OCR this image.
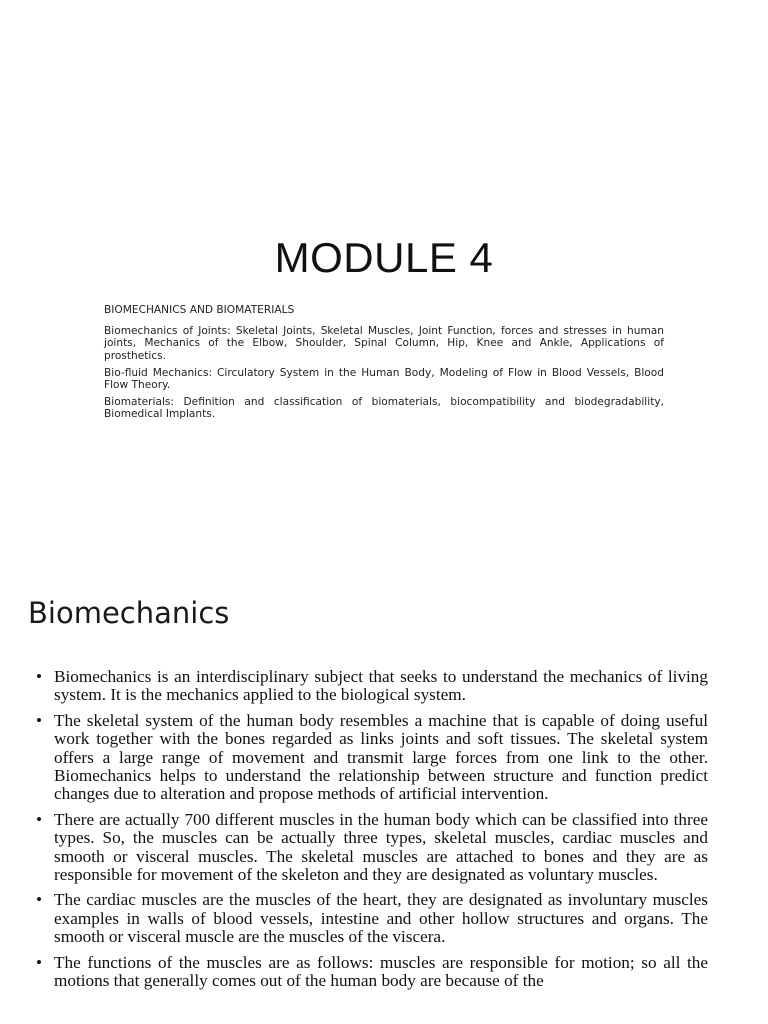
MODULE 4

BIOMECHANICS AND BIOMATERIALS

Biomechanics of Joints: Skeletal Joints, Skeletal Muscles, Joint Function, forces and stresses in human joints, Mechanics of the Elbow, Shoulder, Spinal Column, Hip, Knee and Ankle, Applications of prosthetics.

Bio-fluid Mechanics: Circulatory System in the Human Body, Modeling of Flow in Blood Vessels, Blood Flow Theory.

Biomaterials: Definition and classification of biomaterials, biocompatibility and biodegradability, Biomedical Implants.

Biomechanics
• Biomechanics is an interdisciplinary subject that seeks to understand the mechanics of living system. It is the mechanics applied to the biological system.
• The skeletal system of the human body resembles a machine that is capable of doing useful work together with the bones regarded as links joints and soft tissues. The skeletal system offers a large range of movement and transmit large forces from one link to the other. Biomechanics helps to understand the relationship between structure and function predict changes due to alteration and propose methods of artificial intervention.
• There are actually 700 different muscles in the human body which can be classified into three types. So, the muscles can be actually three types, skeletal muscles, cardiac muscles and smooth or visceral muscles. The skeletal muscles are attached to bones and they are as responsible for movement of the skeleton and they are designated as voluntary muscles.
• The cardiac muscles are the muscles of the heart, they are designated as involuntary muscles examples in walls of blood vessels, intestine and other hollow structures and organs. The smooth or visceral muscle are the muscles of the viscera.
• The functions of the muscles are as follows: muscles are responsible for motion; so all the motions that generally comes out of the human body are because of the
